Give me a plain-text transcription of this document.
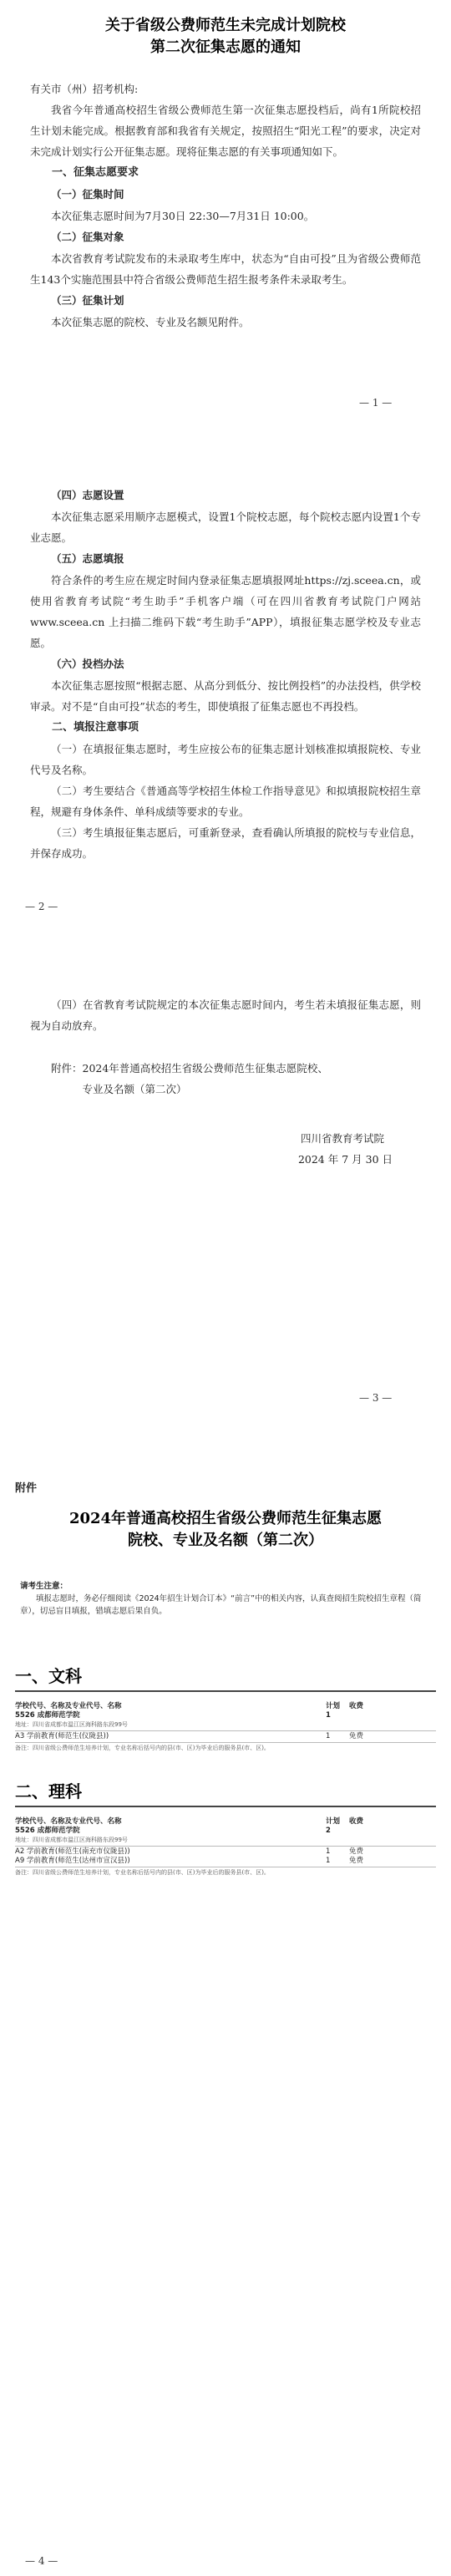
关于省级公费师范生未完成计划院校
第二次征集志愿的通知
有关市（州）招考机构:
我省今年普通高校招生省级公费师范生第一次征集志愿投档后，尚有1所院校招生计划未能完成。根据教育部和我省有关规定，按照招生“阳光工程”的要求，决定对未完成计划实行公开征集志愿。现将征集志愿的有关事项通知如下。
一、征集志愿要求
（一）征集时间
本次征集志愿时间为7月30日 22:30—7月31日 10:00。
（二）征集对象
本次省教育考试院发布的未录取考生库中，状态为“自由可投”且为省级公费师范生143个实施范围县中符合省级公费师范生招生报考条件未录取考生。
（三）征集计划
本次征集志愿的院校、专业及名额见附件。
— 1 —
（四）志愿设置
本次征集志愿采用顺序志愿模式，设置1个院校志愿，每个院校志愿内设置1个专业志愿。
（五）志愿填报
符合条件的考生应在规定时间内登录征集志愿填报网址https://zj.sceea.cn，或使用省教育考试院“考生助手”手机客户端（可在四川省教育考试院门户网站 www.sceea.cn 上扫描二维码下载“考生助手”APP），填报征集志愿学校及专业志愿。
（六）投档办法
本次征集志愿按照“根据志愿、从高分到低分、按比例投档”的办法投档，供学校审录。对不是“自由可投”状态的考生，即使填报了征集志愿也不再投档。
二、填报注意事项
（一）在填报征集志愿时，考生应按公布的征集志愿计划核准拟填报院校、专业代号及名称。
（二）考生要结合《普通高等学校招生体检工作指导意见》和拟填报院校招生章程，规避有身体条件、单科成绩等要求的专业。
（三）考生填报征集志愿后，可重新登录，查看确认所填报的院校与专业信息，并保存成功。
— 2 —
（四）在省教育考试院规定的本次征集志愿时间内，考生若未填报征集志愿，则视为自动放弃。
附件：2024年普通高校招生省级公费师范生征集志愿院校、
专业及名额（第二次）
四川省教育考试院
2024 年 7 月 30 日
— 3 —
附件
2024年普通高校招生省级公费师范生征集志愿
院校、专业及名额（第二次）
请考生注意：
填报志愿时，务必仔细阅读《2024年招生计划合订本》“前言”中的相关内容，认真查阅招生院校招生章程（简章），切忌盲目填报，错填志愿后果自负。
一、文科
学校代号、名称及专业代号、名称	计划 收费
5526 成都师范学院	1
地址：四川省成都市温江区海科路东段99号
A3 学前教育(师范生(仪陇县))	1	免费
备注：四川省级公费师范生培养计划，专业名称后括号内的县(市、区)为毕业后的服务县(市、区)。
二、理科
学校代号、名称及专业代号、名称	计划 收费
5526 成都师范学院	2
地址：四川省成都市温江区海科路东段99号
A2 学前教育(师范生(南充市仪陇县))	1	免费
A9 学前教育(师范生(达州市宣汉县))	1	免费
备注：四川省级公费师范生培养计划，专业名称后括号内的县(市、区)为毕业后的服务县(市、区)。
— 4 —
